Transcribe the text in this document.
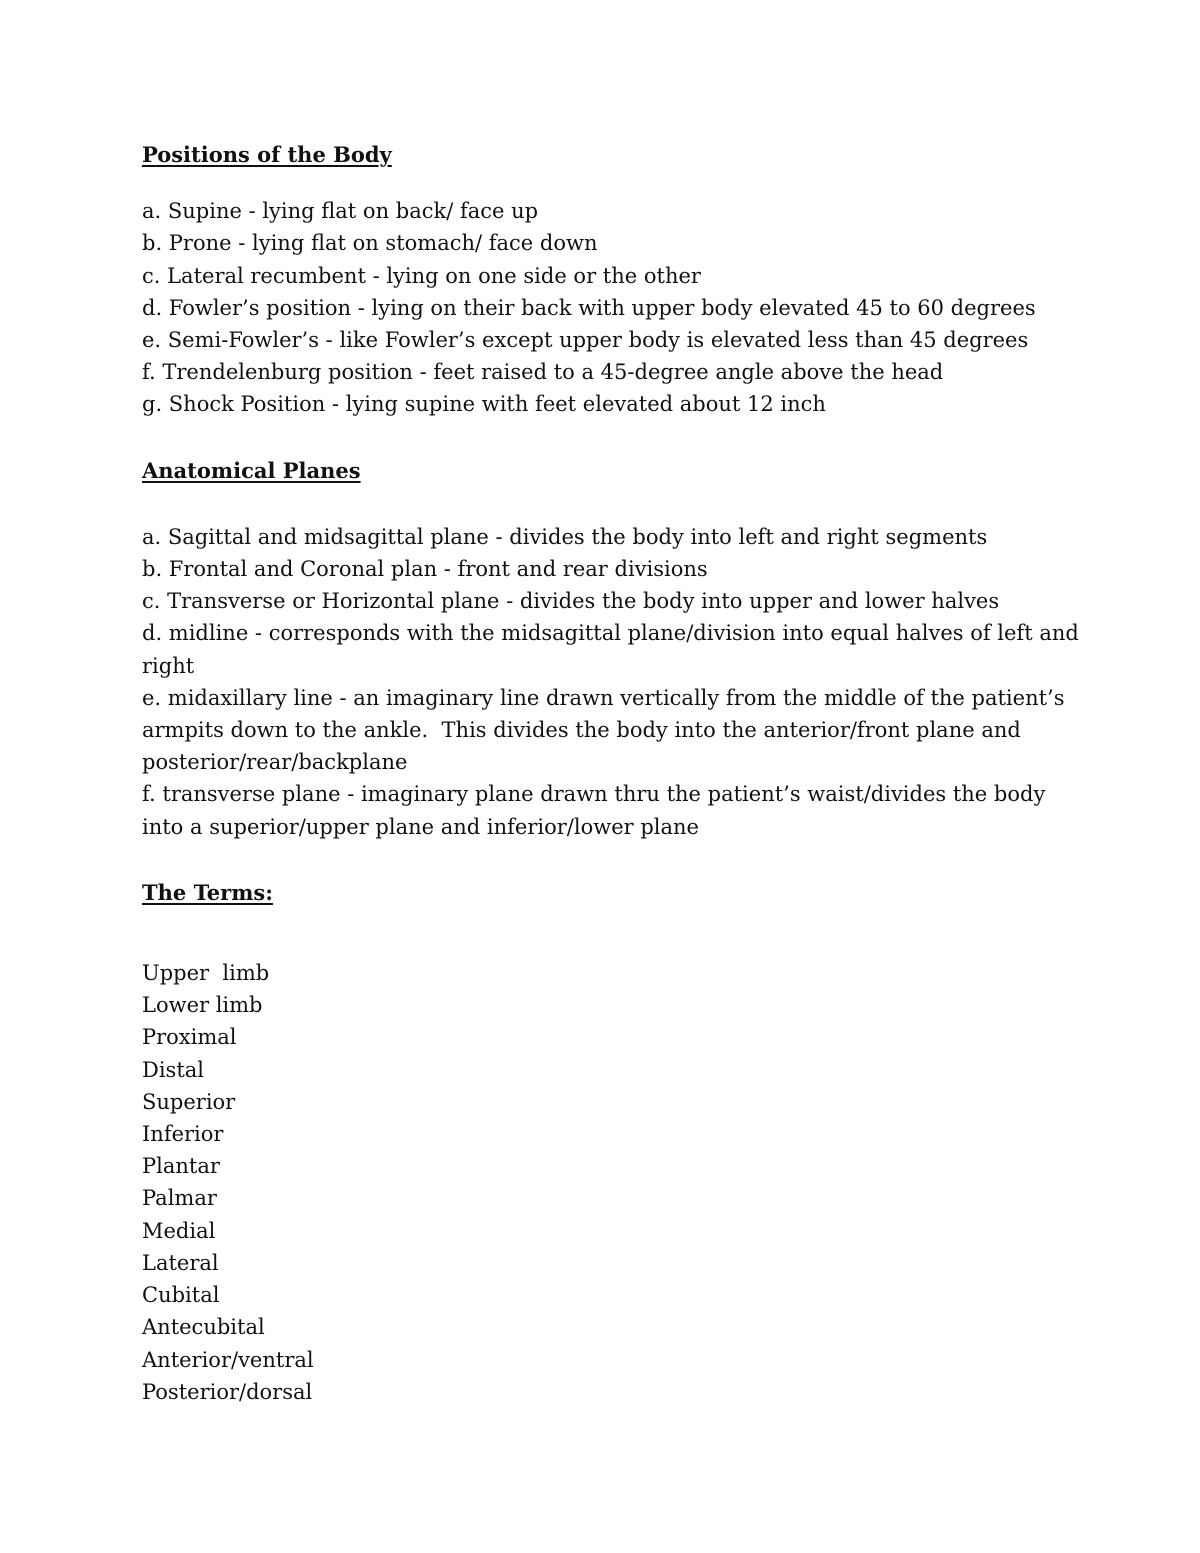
Positions of the Body

a. Supine - lying flat on back/ face up

b. Prone - lying flat on stomach/ face down

c. Lateral recumbent - lying on one side or the other

d. Fowler’s position - lying on their back with upper body elevated 45 to 60 degrees

e. Semi-Fowler’s - like Fowler’s except upper body is elevated less than 45 degrees

f. Trendelenburg position - feet raised to a 45-degree angle above the head

g. Shock Position - lying supine with feet elevated about 12 inch

Anatomical Planes

a. Sagittal and midsagittal plane - divides the body into left and right segments

b. Frontal and Coronal plan - front and rear divisions

c. Transverse or Horizontal plane - divides the body into upper and lower halves

d. midline - corresponds with the midsagittal plane/division into equal halves of left and right

e. midaxillary line - an imaginary line drawn vertically from the middle of the patient’s armpits down to the ankle.  This divides the body into the anterior/front plane and posterior/rear/backplane

f. transverse plane - imaginary plane drawn thru the patient’s waist/divides the body into a superior/upper plane and inferior/lower plane

The Terms:

Upper  limb

Lower limb

Proximal

Distal

Superior

Inferior

Plantar

Palmar

Medial

Lateral

Cubital

Antecubital

Anterior/ventral

Posterior/dorsal
